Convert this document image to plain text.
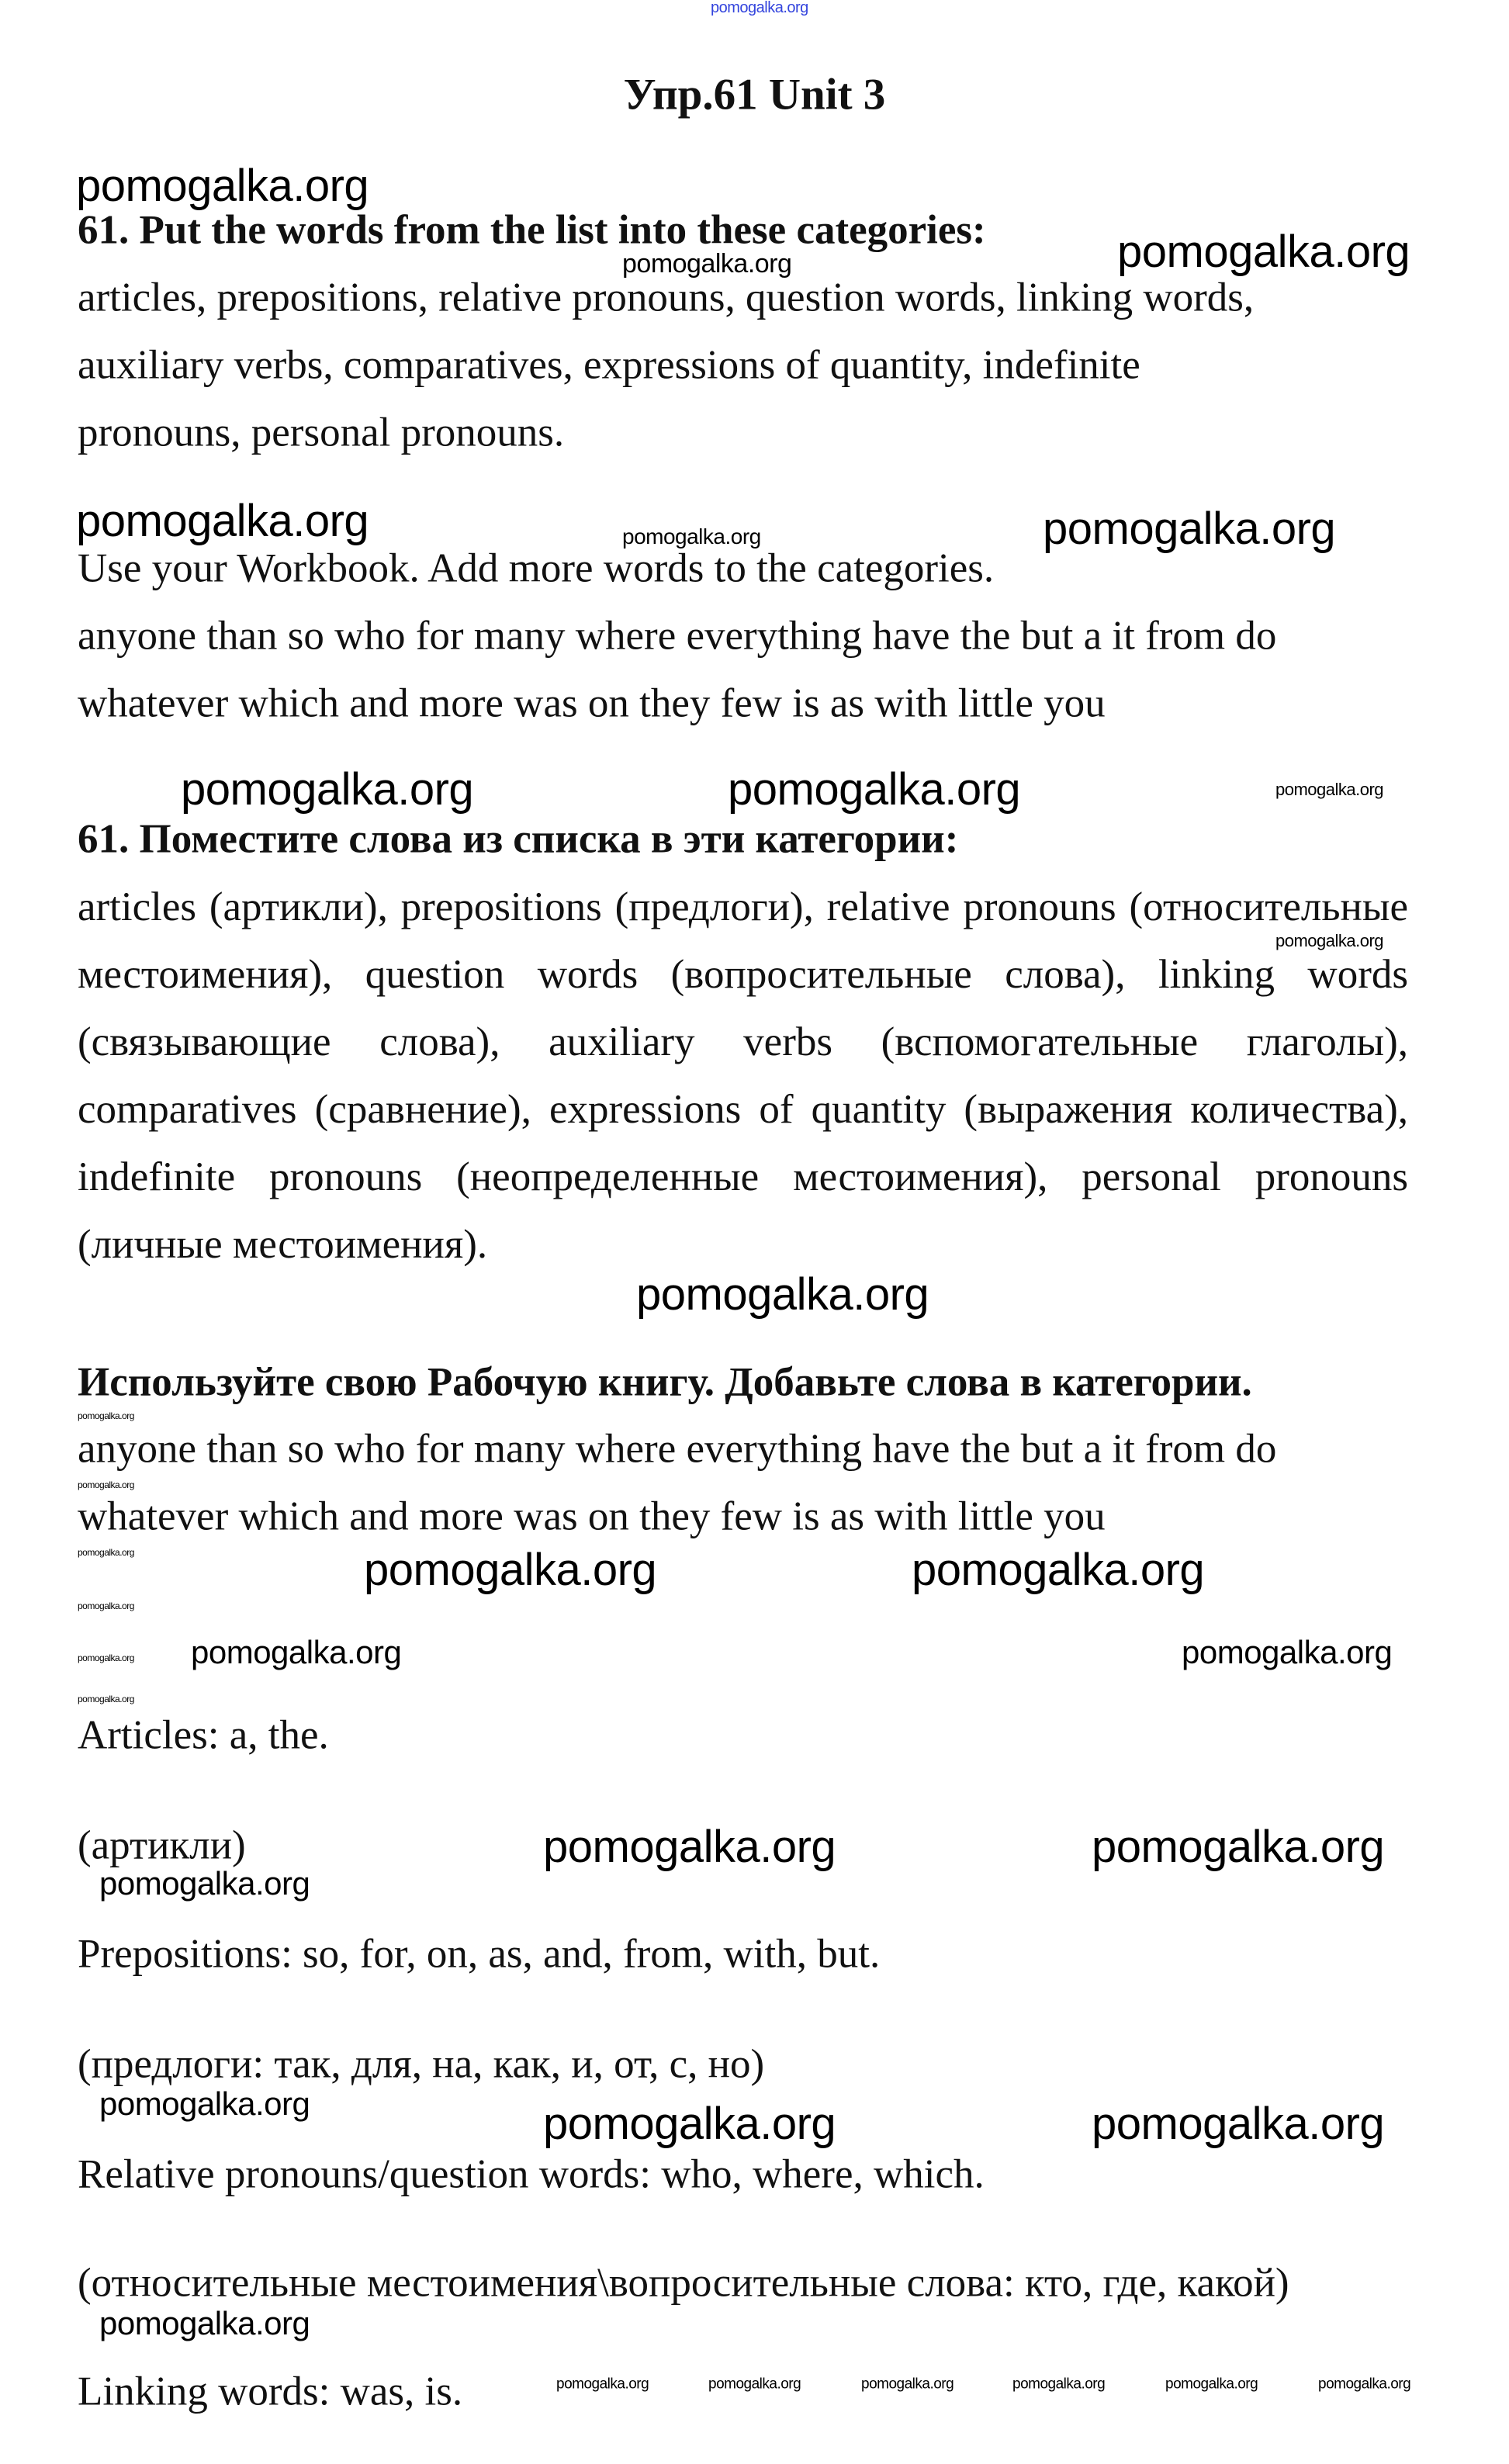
pomogalka.org
pomogalka.org
pomogalka.org	pomogalka.org
pomogalka.org	pomogalka.org	pomogalka.org
pomogalka.org	pomogalka.org	pomogalka.org
pomogalka.org
pomogalka.org
pomogalka.org
pomogalka.org
pomogalka.org
pomogalka.org
pomogalka.org
pomogalka.org
pomogalka.org
pomogalka.org
pomogalka.org	pomogalka.org
pomogalka.org
pomogalka.org	pomogalka.org
pomogalka.org	pomogalka.org	pomogalka.org
pomogalka.org
pomogalka.org	pomogalka.org	pomogalka.org	pomogalka.org	pomogalka.org	pomogalka.org
Упр.61 Unit 3
61. Put the words from the list into these categories:
articles, prepositions, relative pronouns, question words, linking words,
auxiliary verbs, comparatives, expressions of quantity, indefinite
pronouns, personal pronouns.
Use your Workbook. Add more words to the categories.
anyone than so who for many where everything have the but a it from do
whatever which and more was on they few is as with little you
61. Поместите слова из списка в эти категории:

articles (артикли), prepositions (предлоги), relative pronouns (относительные местоимения), question words (вопросительные слова), linking words (связывающие слова), auxiliary verbs (вспомогательные глаголы), comparatives (сравнение), expressions of quantity (выражения количества), indefinite pronouns (неопределенные местоимения), personal pronouns (личные местоимения).

Используйте свою Рабочую книгу. Добавьте слова в категории.
anyone than so who for many where everything have the but a it from do
whatever which and more was on they few is as with little you
Articles: a, the.
(артикли)
Prepositions: so, for, on, as, and, from, with, but.
(предлоги: так, для, на, как, и, от, с, но)
Relative pronouns/question words: who, where, which.
(относительные местоимения\вопросительные слова: кто, где, какой)
Linking words: was, is.
